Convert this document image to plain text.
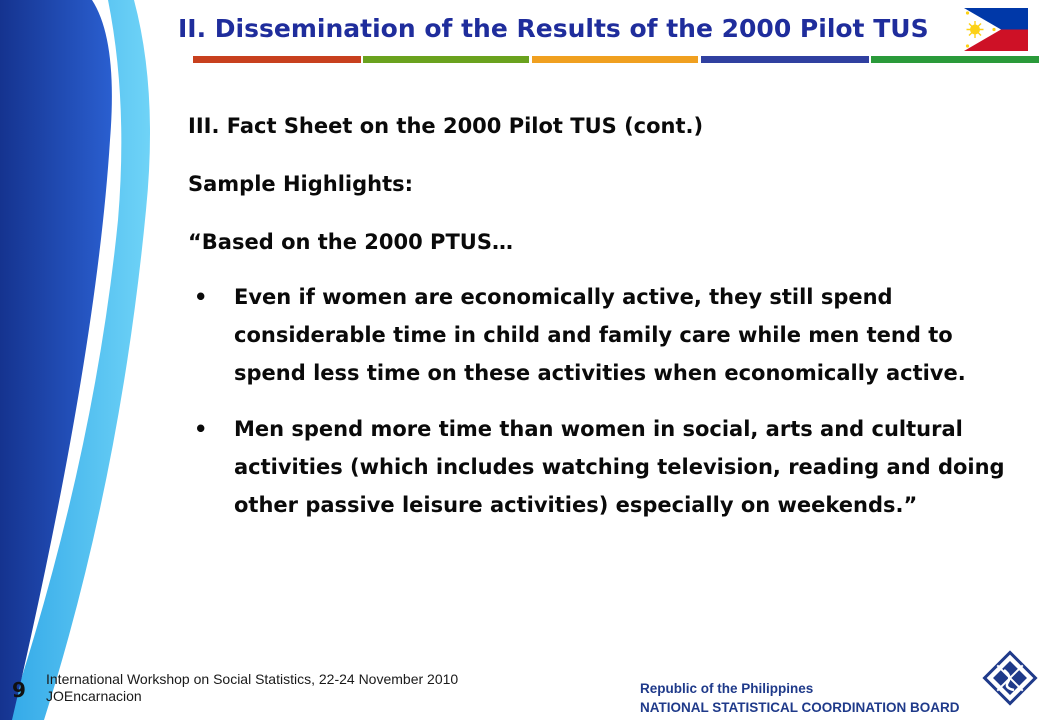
II. Dissemination of the Results of the 2000 Pilot TUS
III. Fact Sheet on the 2000 Pilot TUS (cont.)
Sample Highlights:
“Based on the 2000 PTUS…
• Even if women are economically active, they still spend considerable time in child and family care while men tend to spend less time on these activities when economically active.
• Men spend more time than women in social, arts and cultural activities (which includes watching television, reading and doing other passive leisure activities) especially on weekends.”
9 International Workshop on Social Statistics, 22-24 November 2010
JOEncarnacion	Republic of the Philippines
NATIONAL STATISTICAL COORDINATION BOARD
